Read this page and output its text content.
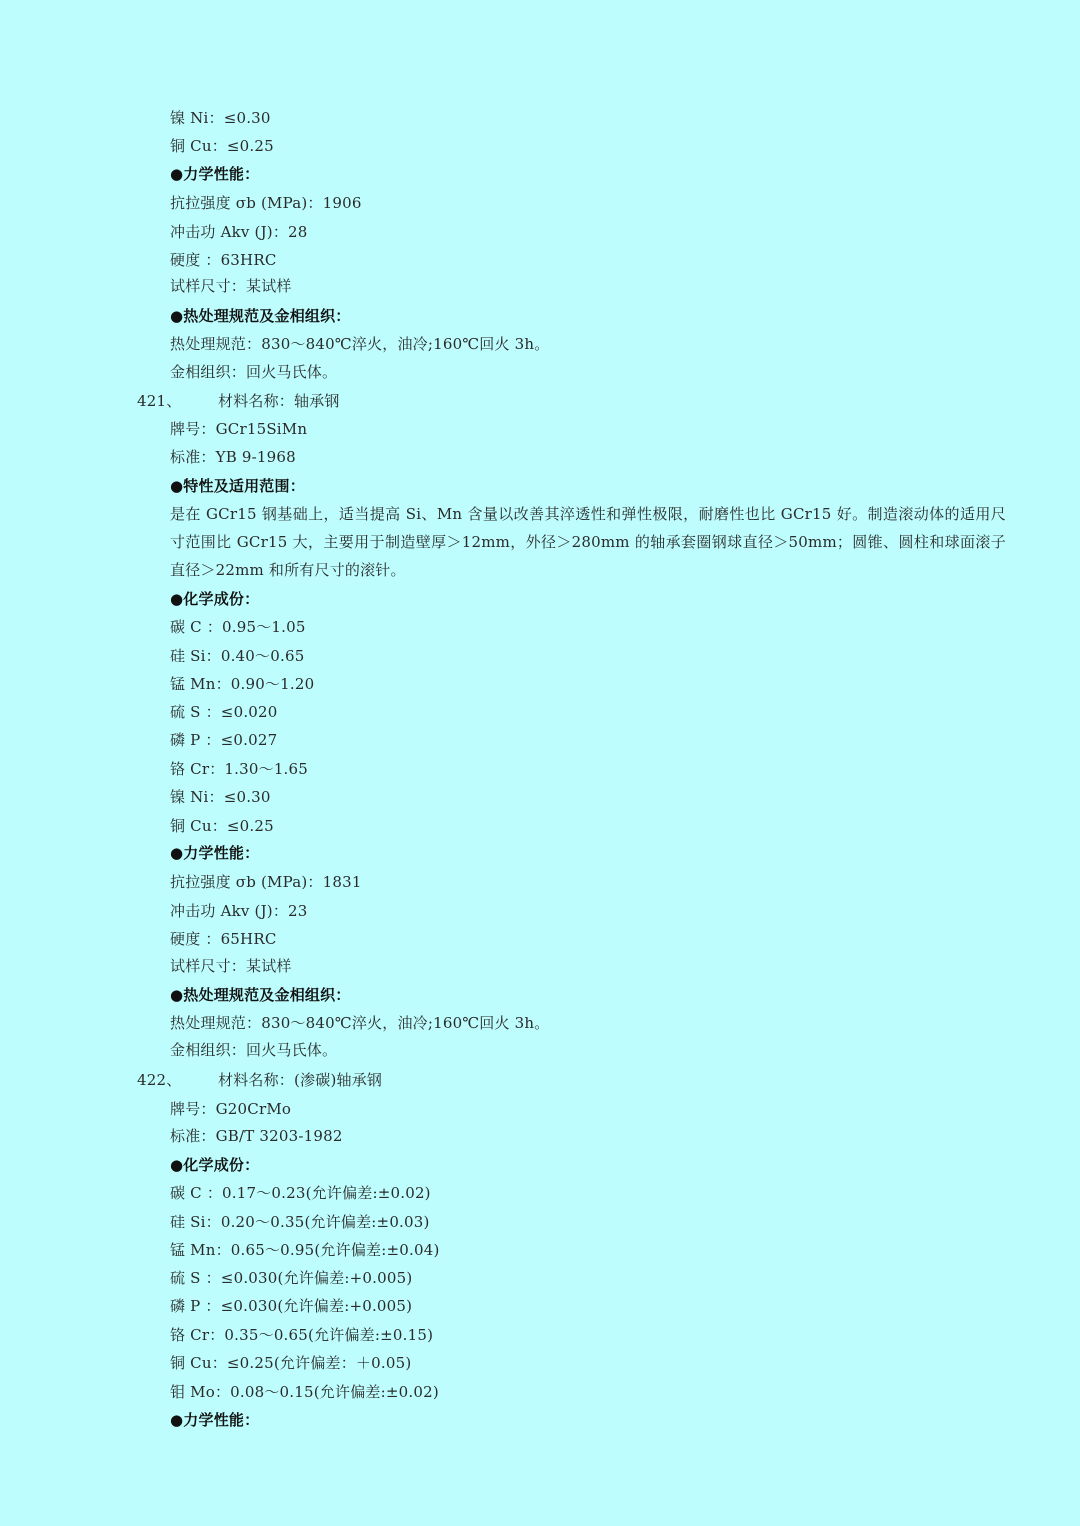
镍 Ni：≤0.30
铜 Cu：≤0.25
●力学性能：
抗拉强度 σb (MPa)：1906
冲击功 Akv (J)：28
硬度 ：63HRC
试样尺寸：某试样
●热处理规范及金相组织：
热处理规范：830～840℃淬火，油冷;160℃回火 3h。
金相组织：回火马氏体。
421、 材料名称：轴承钢
牌号：GCr15SiMn
标准：YB 9-1968
●特性及适用范围：
是在 GCr15 钢基础上，适当提高 Si、Mn 含量以改善其淬透性和弹性极限，耐磨性也比 GCr15 好。制造滚动体的适用尺寸范围比 GCr15 大，主要用于制造壁厚＞12mm，外径＞280mm 的轴承套圈钢球直径＞50mm；圆锥、圆柱和球面滚子直径＞22mm 和所有尺寸的滚针。
●化学成份：
碳 C ：0.95～1.05
硅 Si：0.40～0.65
锰 Mn：0.90～1.20
硫 S ：≤0.020
磷 P ：≤0.027
铬 Cr：1.30～1.65
镍 Ni：≤0.30
铜 Cu：≤0.25
●力学性能：
抗拉强度 σb (MPa)：1831
冲击功 Akv (J)：23
硬度 ：65HRC
试样尺寸：某试样
●热处理规范及金相组织：
热处理规范：830～840℃淬火，油冷;160℃回火 3h。
金相组织：回火马氏体。
422、 材料名称：(渗碳)轴承钢
牌号：G20CrMo
标准：GB/T 3203-1982
●化学成份：
碳 C ：0.17～0.23(允许偏差:±0.02)
硅 Si：0.20～0.35(允许偏差:±0.03)
锰 Mn：0.65～0.95(允许偏差:±0.04)
硫 S ：≤0.030(允许偏差:+0.005)
磷 P ：≤0.030(允许偏差:+0.005)
铬 Cr：0.35～0.65(允许偏差:±0.15)
铜 Cu：≤0.25(允许偏差：＋0.05)
钼 Mo：0.08～0.15(允许偏差:±0.02)
●力学性能：
